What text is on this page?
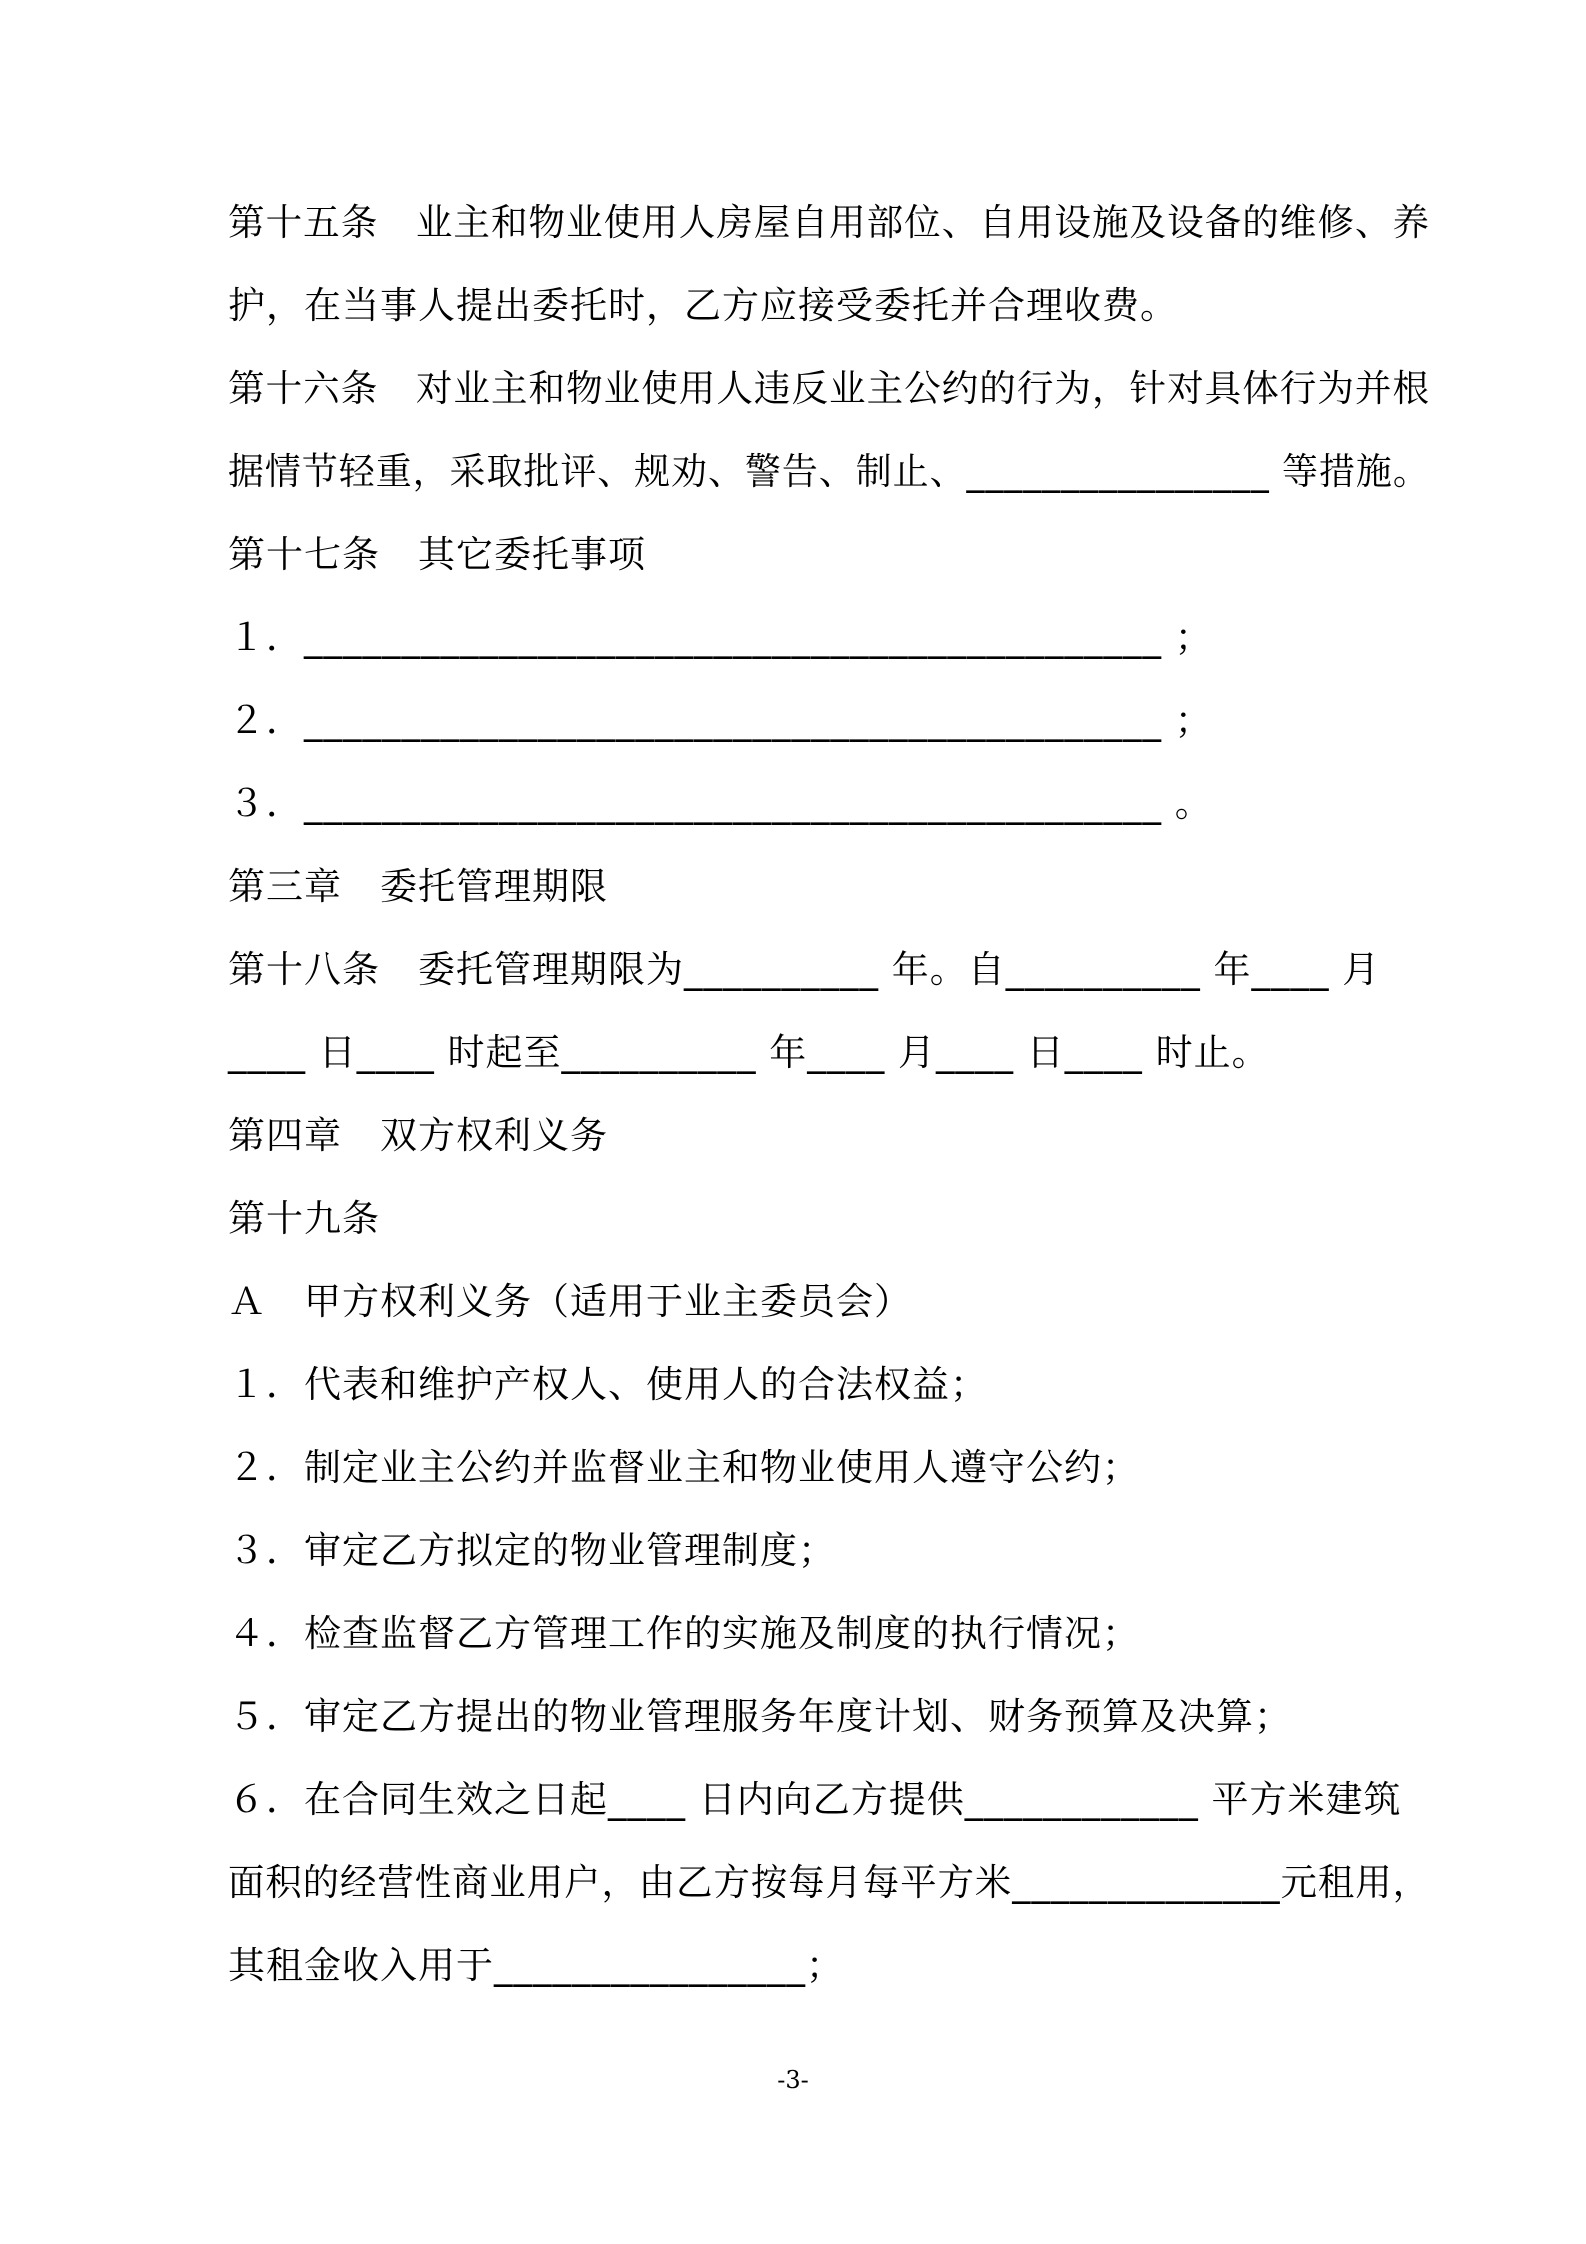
第十五条　业主和物业使用人房屋自用部位、自用设施及设备的维修、养
护，在当事人提出委托时，乙方应接受委托并合理收费。
第十六条　对业主和物业使用人违反业主公约的行为，针对具体行为并根
据情节轻重，采取批评、规劝、警告、制止、________________ 等措施。
第十七条　其它委托事项
１．____________________________________________ ；
２．____________________________________________ ；
３．____________________________________________ 。
第三章　委托管理期限
第十八条　委托管理期限为__________ 年。自__________ 年____ 月
____ 日____ 时起至__________ 年____ 月____ 日____ 时止。
第四章　双方权利义务
第十九条
Ａ　甲方权利义务（适用于业主委员会）
１．代表和维护产权人、使用人的合法权益；
２．制定业主公约并监督业主和物业使用人遵守公约；
３．审定乙方拟定的物业管理制度；
４．检查监督乙方管理工作的实施及制度的执行情况；
５．审定乙方提出的物业管理服务年度计划、财务预算及决算；
６．在合同生效之日起____ 日内向乙方提供____________ 平方米建筑
面积的经营性商业用户，由乙方按每月每平方米______________元租用，
其租金收入用于________________；
-3-
